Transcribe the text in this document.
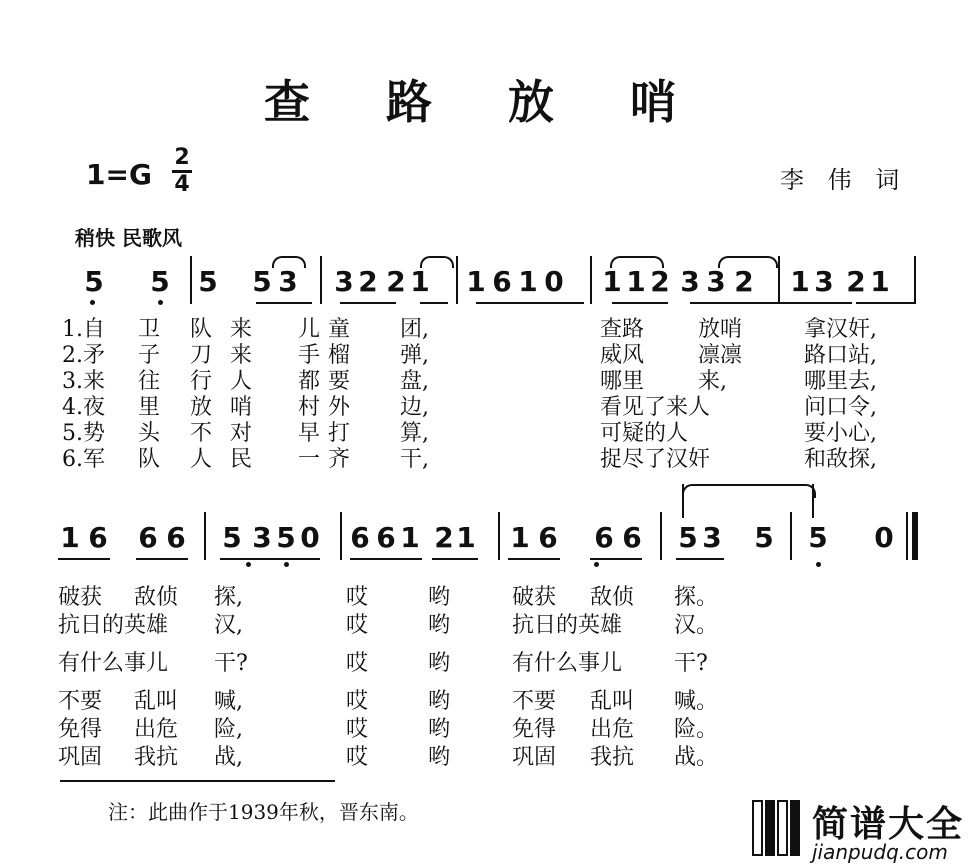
查 路 放 哨
1=G
2
4	李 伟 词
稍快 民歌风
5 5 5 5 3 3 2 2 1 1 6 1 0 1 1 2 3 3 2 1 3 2 1
1 6 6 6 5 3 5 0 6 6 1 2 1 1 6 6 6 5 3 5 5 0
注：此曲作于1939年秋，晋东南。	简谱大全
jianpudq.com
1.自 卫 队 来 儿 童 团,	查路 放哨	拿汉奸,
2.矛 子 刀 来 手 榴 弹,	威风 凛凛	路口站,
3.来 往 行 人 都 要 盘,	哪里 来,	哪里去,
4.夜 里 放 哨 村 外 边,	看见了来人	问口令,
5.势 头 不 对 早 打 算,	可疑的人	要小心,
6.军 队 人 民 一 齐 干,	捉尽了汉奸	和敌探,
破获 敌侦 探,	哎	哟	破获 敌侦 探。
抗日的英雄 汉,	哎	哟	抗日的英雄 汉。
有什么事儿 干?	哎	哟	有什么事儿 干?
不要 乱叫 喊,	哎	哟	不要 乱叫 喊。
免得 出危 险,	哎	哟	免得 出危 险。
巩固 我抗 战,	哎	哟	巩固 我抗 战。
